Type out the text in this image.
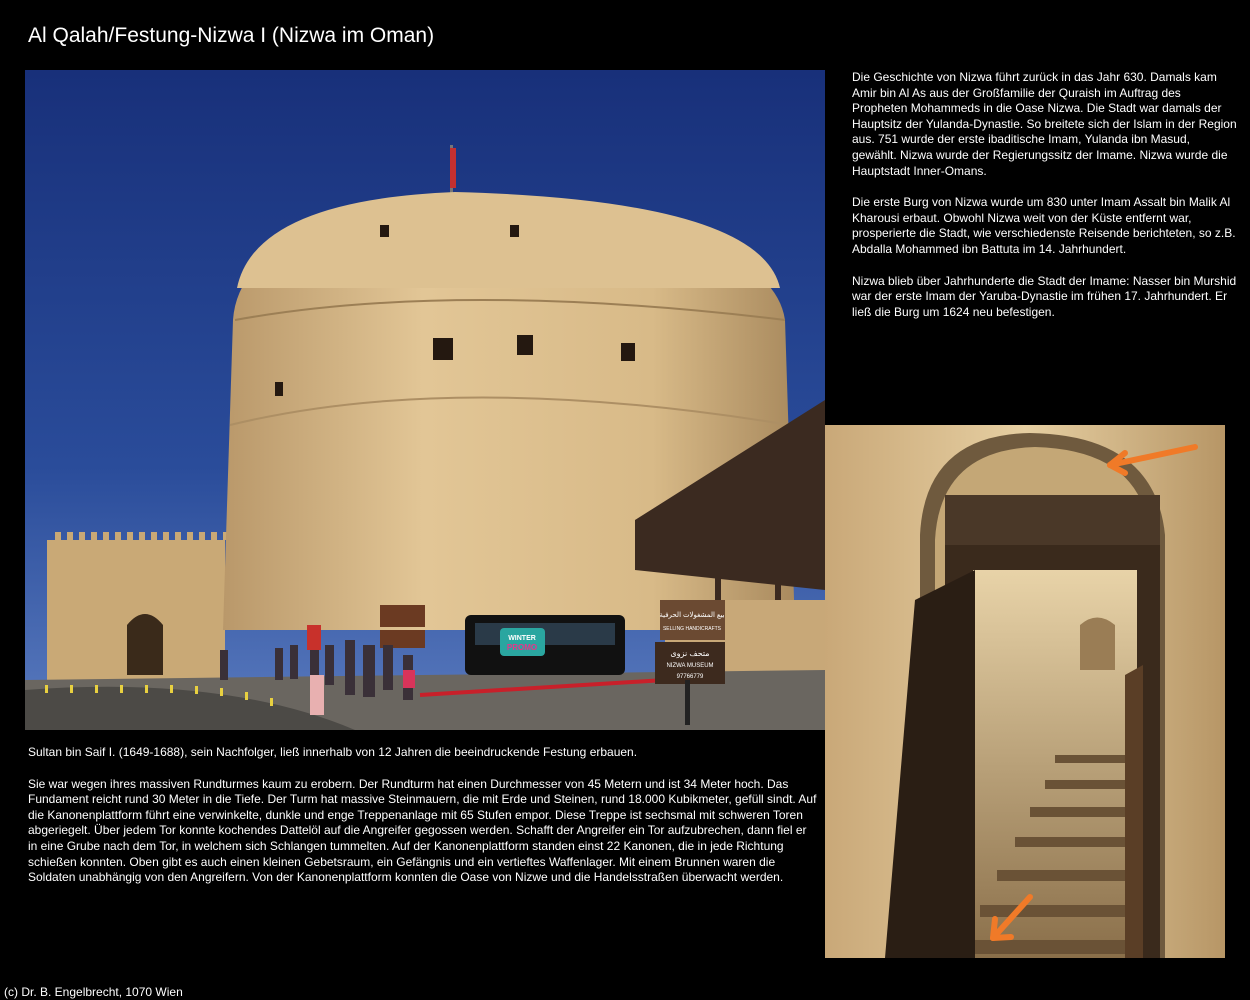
Al Qalah/Festung-Nizwa I (Nizwa im Oman)
WINTER
PROMO
بيع المشغولات الحرفية
SELLING HANDICRAFTS
متحف نزوى
NIZWA MUSEUM
97766779

Die Geschichte von Nizwa führt zurück in das Jahr 630. Damals kam Amir bin Al As aus der Großfamilie der Quraish im Auftrag des Propheten Mohammeds in die Oase Nizwa. Die Stadt war damals der Hauptsitz der Yulanda-Dynastie. So breitete sich der Islam in der Region aus. 751 wurde der erste ibaditische Imam, Yulanda ibn Masud, gewählt. Nizwa wurde der Regierungssitz der Imame. Nizwa wurde die Hauptstadt Inner-Omans.

Die erste Burg von Nizwa wurde um 830 unter Imam Assalt bin Malik Al Kharousi erbaut. Obwohl Nizwa weit von der Küste entfernt war, prosperierte die Stadt, wie verschiedenste Reisende berichteten, so z.B. Abdalla Mohammed ibn Battuta im 14. Jahrhundert.

Nizwa blieb über Jahrhunderte die Stadt der Imame: Nasser bin Murshid war der erste Imam der Yaruba-Dynastie im frühen 17. Jahrhundert. Er ließ die Burg um 1624 neu befestigen.

Sultan bin Saif I. (1649-1688), sein Nachfolger, ließ innerhalb von 12 Jahren die beeindruckende Festung erbauen.

Sie war wegen ihres massiven Rundturmes kaum zu erobern. Der Rundturm hat einen Durchmesser von 45 Metern und ist 34 Meter hoch. Das Fundament reicht rund 30 Meter in die Tiefe. Der Turm hat massive Steinmauern, die mit Erde und Steinen, rund 18.000 Kubikmeter, gefüll sindt. Auf die Kanonenplattform führt eine verwinkelte, dunkle und enge Treppenanlage mit 65 Stufen empor. Diese Treppe ist sechsmal mit schweren Toren abgeriegelt. Über jedem Tor konnte kochendes Dattelöl auf die Angreifer gegossen werden. Schafft der Angreifer ein Tor aufzubrechen, dann fiel er in eine Grube nach dem Tor, in welchem sich Schlangen tummelten. Auf der Kanonenplattform standen einst 22 Kanonen, die in jede Richtung schießen konnten. Oben gibt es auch einen kleinen Gebetsraum, ein Gefängnis und ein vertieftes Waffenlager. Mit einem Brunnen waren die Soldaten unabhängig von den Angreifern. Von der Kanonenplattform konnten die Oase von Nizwe und die Handelsstraßen überwacht werden.

(c) Dr. B. Engelbrecht, 1070 Wien
